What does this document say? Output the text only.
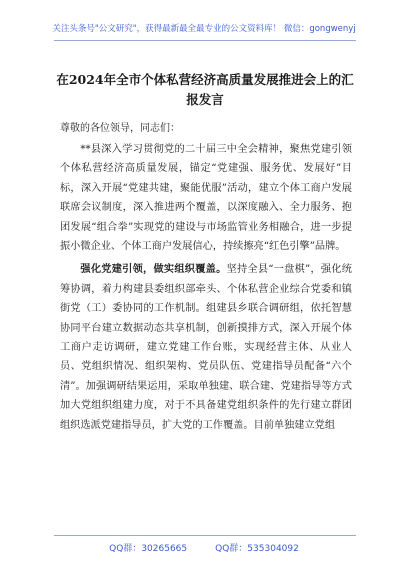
关注头条号"公文研究"，获得最新最全最专业的公文资料库！ 微信：gongwenyj
在2024年全市个体私营经济高质量发展推进会上的汇报发言
尊敬的各位领导，同志们：

**县深入学习贯彻党的二十届三中全会精神，聚焦党建引领个体私营经济高质量发展，锚定“党建强、服务优、发展好”目标，深入开展“党建共建，聚能优服”活动，建立个体工商户发展联席会议制度，深入推进两个覆盖，以深度融入、全力服务、抱团发展“组合拳”实现党的建设与市场监管业务相融合，进一步提振小微企业、个体工商户发展信心，持续擦亮“红色引擎”品牌。

强化党建引领，做实组织覆盖。坚持全县“一盘棋”，强化统筹协调，着力构建县委组织部牵头、个体私营企业综合党委和镇街党（工）委协同的工作机制。组建县乡联合调研组，依托智慧协同平台建立数据动态共享机制，创新摸排方式，深入开展个体工商户走访调研，建立党建工作台账，实现经营主体、从业人员、党组织情况、组织架构、党员队伍、党建指导员配备“六个清”。加强调研结果运用，采取单独建、联合建、党建指导等方式加大党组织组建力度，对于不具备建党组织条件的先行建立群团组织选派党建指导员，扩大党的工作覆盖。目前单独建立党组

QQ群：30265665	QQ群：535304092
